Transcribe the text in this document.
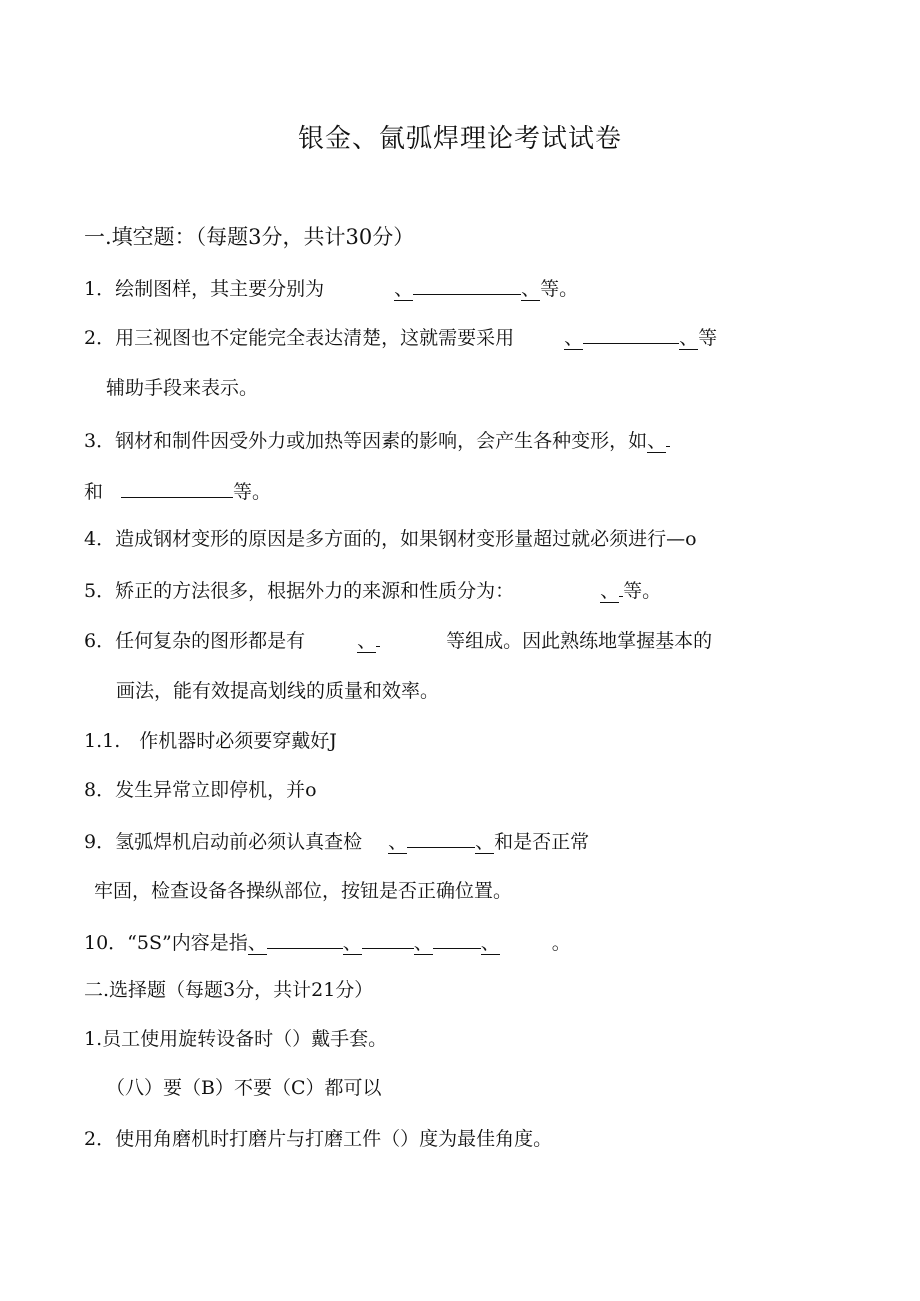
银金、氤弧焊理论考试试卷
一.填空题：（每题3分，共计30分）
1．绘制图样，其主要分别为	、	、等。
2．用三视图也不定能完全表达清楚，这就需要采用	、	、等
辅助手段来表示。
3．钢材和制件因受外力或加热等因素的影响，会产生各种变形，如、
和	等。
4．造成钢材变形的原因是多方面的，如果钢材变形量超过就必须进行—o
5．矫正的方法很多，根据外力的来源和性质分为：	、 等。
6．任何复杂的图形都是有	、	等组成。因此熟练地掌握基本的
画法，能有效提高划线的质量和效率。
1.1.　作机器时必须要穿戴好J
8．发生异常立即停机，并o
9．氢弧焊机启动前必须认真查检 、	、和是否正常
牢固，检查设备各操纵部位，按钮是否正确位置。
10．“5S”内容是指、	、	、	、	。
二.选择题（每题3分，共计21分）
1.员工使用旋转设备时（）戴手套。
（八）要（B）不要（C）都可以
2．使用角磨机时打磨片与打磨工件（）度为最佳角度。
